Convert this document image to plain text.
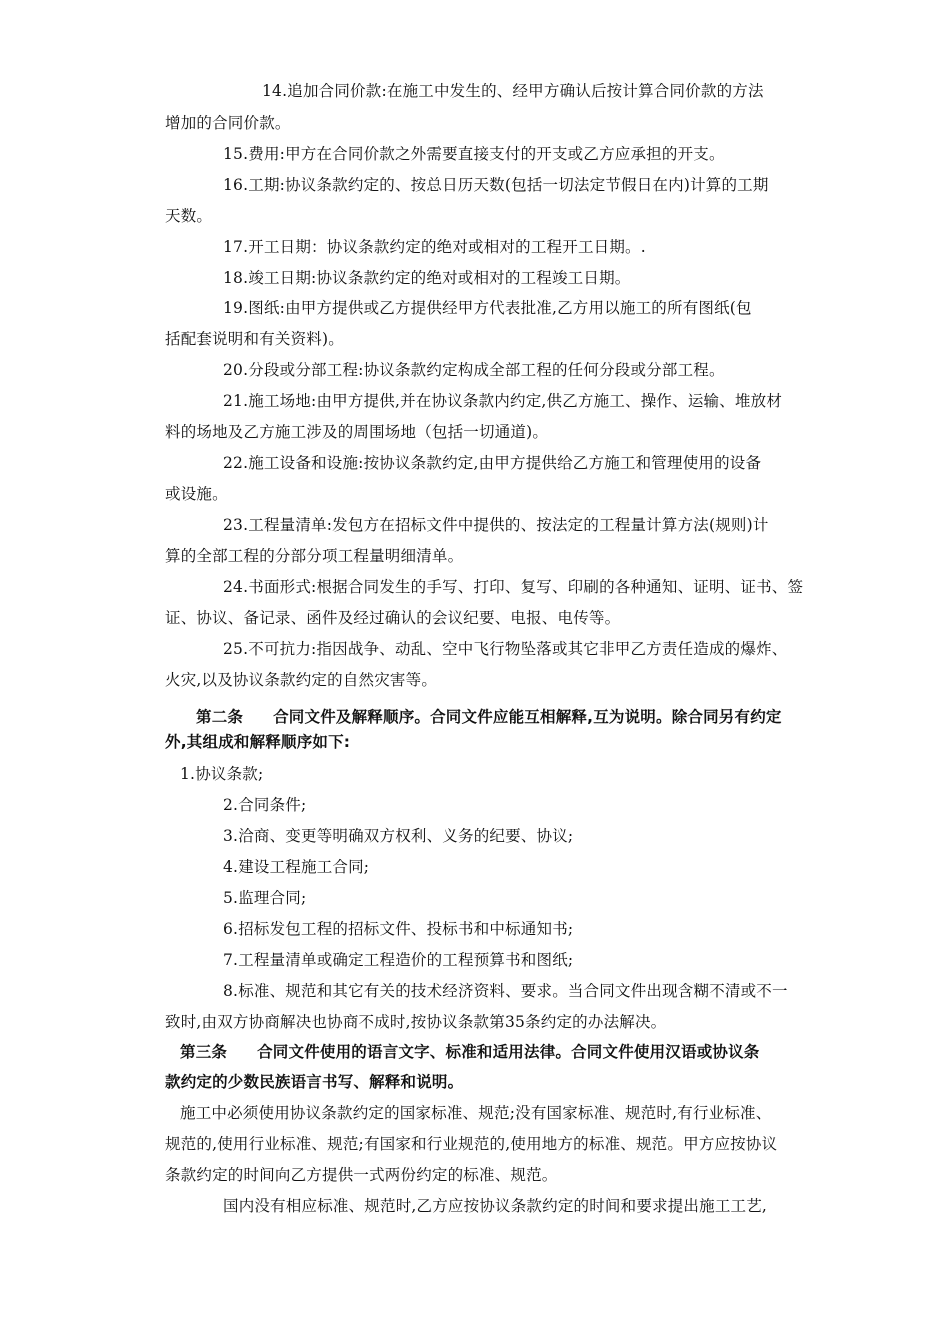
14.追加合同价款:在施工中发生的、经甲方确认后按计算合同价款的方法
增加的合同价款。
15.费用:甲方在合同价款之外需要直接支付的开支或乙方应承担的开支。
16.工期:协议条款约定的、按总日历天数(包括一切法定节假日在内)计算的工期
天数。
17.开工日期：协议条款约定的绝对或相对的工程开工日期。.
18.竣工日期:协议条款约定的绝对或相对的工程竣工日期。
19.图纸:由甲方提供或乙方提供经甲方代表批准,乙方用以施工的所有图纸(包
括配套说明和有关资料)。
20.分段或分部工程:协议条款约定构成全部工程的任何分段或分部工程。
21.施工场地:由甲方提供,并在协议条款内约定,供乙方施工、操作、运输、堆放材
料的场地及乙方施工涉及的周围场地（包括一切通道)。
22.施工设备和设施:按协议条款约定,由甲方提供给乙方施工和管理使用的设备
或设施。
23.工程量清单:发包方在招标文件中提供的、按法定的工程量计算方法(规则)计
算的全部工程的分部分项工程量明细清单。
24.书面形式:根据合同发生的手写、打印、复写、印刷的各种通知、证明、证书、签
证、协议、备记录、函件及经过确认的会议纪要、电报、电传等。
25.不可抗力:指因战争、动乱、空中飞行物坠落或其它非甲乙方责任造成的爆炸、
火灾,以及协议条款约定的自然灾害等。
第二条 合同文件及解释顺序。合同文件应能互相解释,互为说明。除合同另有约定
外,其组成和解释顺序如下:
1.协议条款;
2.合同条件;
3.洽商、变更等明确双方权利、义务的纪要、协议;
4.建设工程施工合同;
5.监理合同;
6.招标发包工程的招标文件、投标书和中标通知书;
7.工程量清单或确定工程造价的工程预算书和图纸;
8.标准、规范和其它有关的技术经济资料、要求。当合同文件出现含糊不清或不一
致时,由双方协商解决也协商不成时,按协议条款第35条约定的办法解决。
第三条 合同文件使用的语言文字、标准和适用法律。合同文件使用汉语或协议条
款约定的少数民族语言书写、解释和说明。
施工中必须使用协议条款约定的国家标准、规范;没有国家标准、规范时,有行业标准、
规范的,使用行业标准、规范;有国家和行业规范的,使用地方的标准、规范。甲方应按协议
条款约定的时间向乙方提供一式两份约定的标准、规范。
国内没有相应标准、规范时,乙方应按协议条款约定的时间和要求提出施工工艺,
